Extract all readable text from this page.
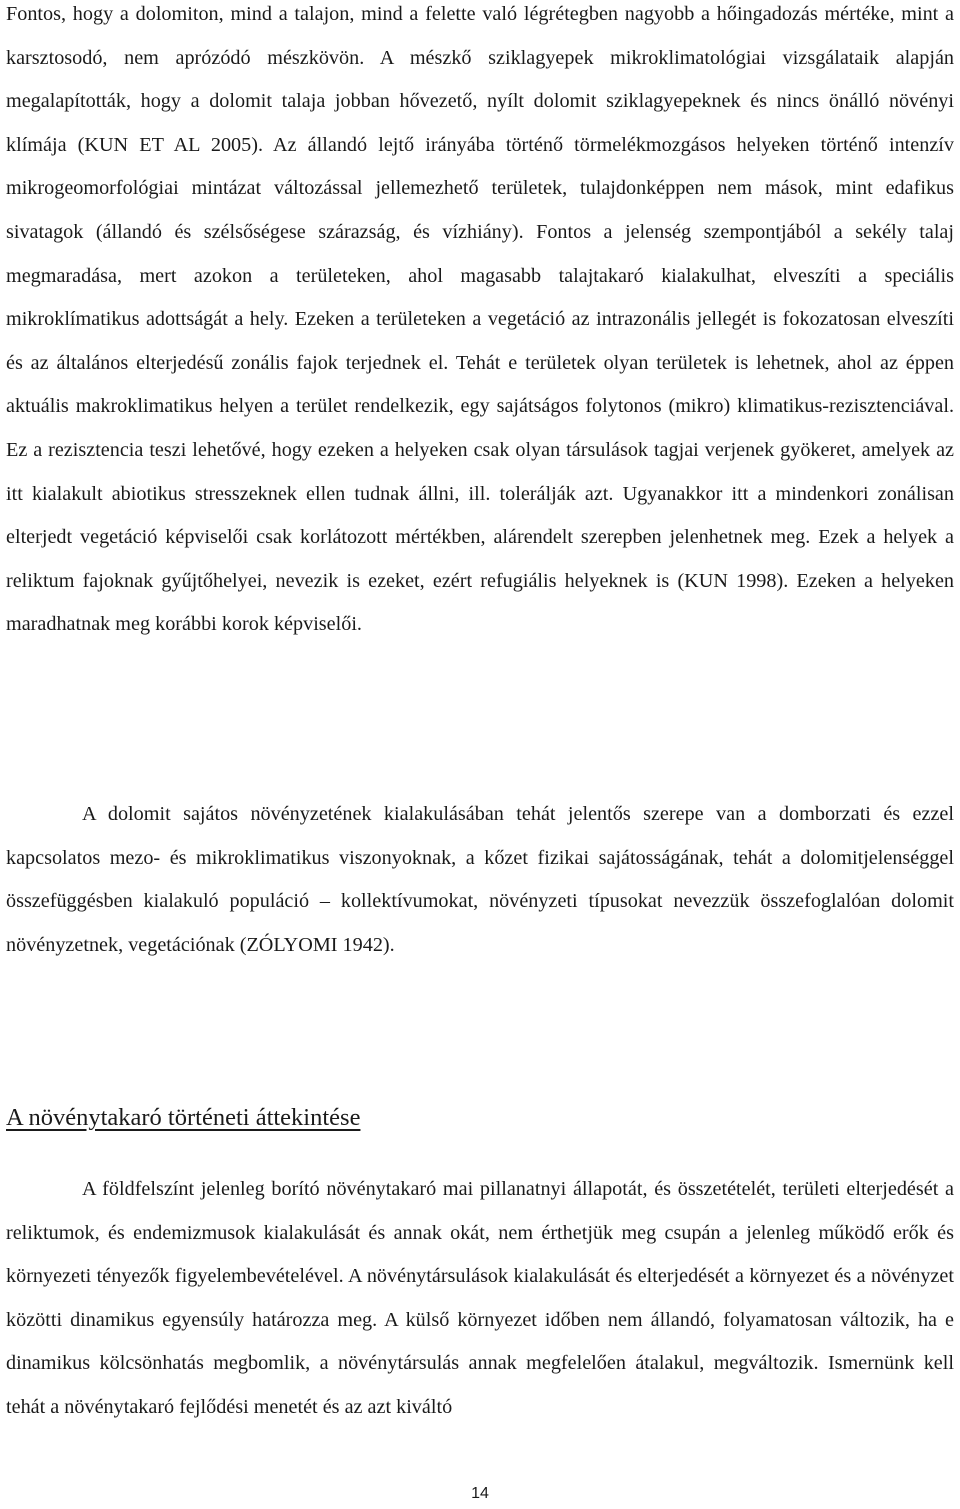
Fontos, hogy a dolomiton, mind a talajon, mind a felette való légrétegben nagyobb a hőingadozás mértéke, mint a karsztosodó, nem aprózódó mészkövön. A mészkő sziklagyepek mikroklimatológiai vizsgálataik alapján megalapították, hogy a dolomit talaja jobban hővezető, nyílt dolomit sziklagyepeknek és nincs önálló növényi klímája (KUN ET AL 2005). Az állandó lejtő irányába történő törmelékmozgásos helyeken történő intenzív mikrogeomorfológiai mintázat változással jellemezhető területek, tulajdonképpen nem mások, mint edafikus sivatagok (állandó és szélsőségese szárazság, és vízhiány). Fontos a jelenség szempontjából a sekély talaj megmaradása, mert azokon a területeken, ahol magasabb talajtakaró kialakulhat, elveszíti a speciális mikroklímatikus adottságát a hely. Ezeken a területeken a vegetáció az intrazonális jellegét is fokozatosan elveszíti és az általános elterjedésű zonális fajok terjednek el. Tehát e területek olyan területek is lehetnek, ahol az éppen aktuális makroklimatikus helyen a terület rendelkezik, egy sajátságos folytonos (mikro) klimatikus-rezisztenciával. Ez a rezisztencia teszi lehetővé, hogy ezeken a helyeken csak olyan társulások tagjai verjenek gyökeret, amelyek az itt kialakult abiotikus stresszeknek ellen tudnak állni, ill. tolerálják azt. Ugyanakkor itt a mindenkori zonálisan elterjedt vegetáció képviselői csak korlátozott mértékben, alárendelt szerepben jelenhetnek meg. Ezek a helyek a reliktum fajoknak gyűjtőhelyei, nevezik is ezeket, ezért refugiális helyeknek is (KUN 1998). Ezeken a helyeken maradhatnak meg korábbi korok képviselői.

A dolomit sajátos növényzetének kialakulásában tehát jelentős szerepe van a domborzati és ezzel kapcsolatos mezo- és mikroklimatikus viszonyoknak, a kőzet fizikai sajátosságának, tehát a dolomitjelenséggel összefüggésben kialakuló populáció – kollektívumokat, növényzeti típusokat nevezzük összefoglalóan dolomit növényzetnek, vegetációnak (ZÓLYOMI 1942).

A növénytakaró történeti áttekintése

A földfelszínt jelenleg borító növénytakaró mai pillanatnyi állapotát, és összetételét, területi elterjedését a reliktumok, és endemizmusok kialakulását és annak okát, nem érthetjük meg csupán a jelenleg működő erők és környezeti tényezők figyelembevételével. A növénytársulások kialakulását és elterjedését a környezet és a növényzet közötti dinamikus egyensúly határozza meg. A külső környezet időben nem állandó, folyamatosan változik, ha e dinamikus kölcsönhatás megbomlik, a növénytársulás annak megfelelően átalakul, megváltozik. Ismernünk kell tehát a növénytakaró fejlődési menetét és az azt kiváltó

14
